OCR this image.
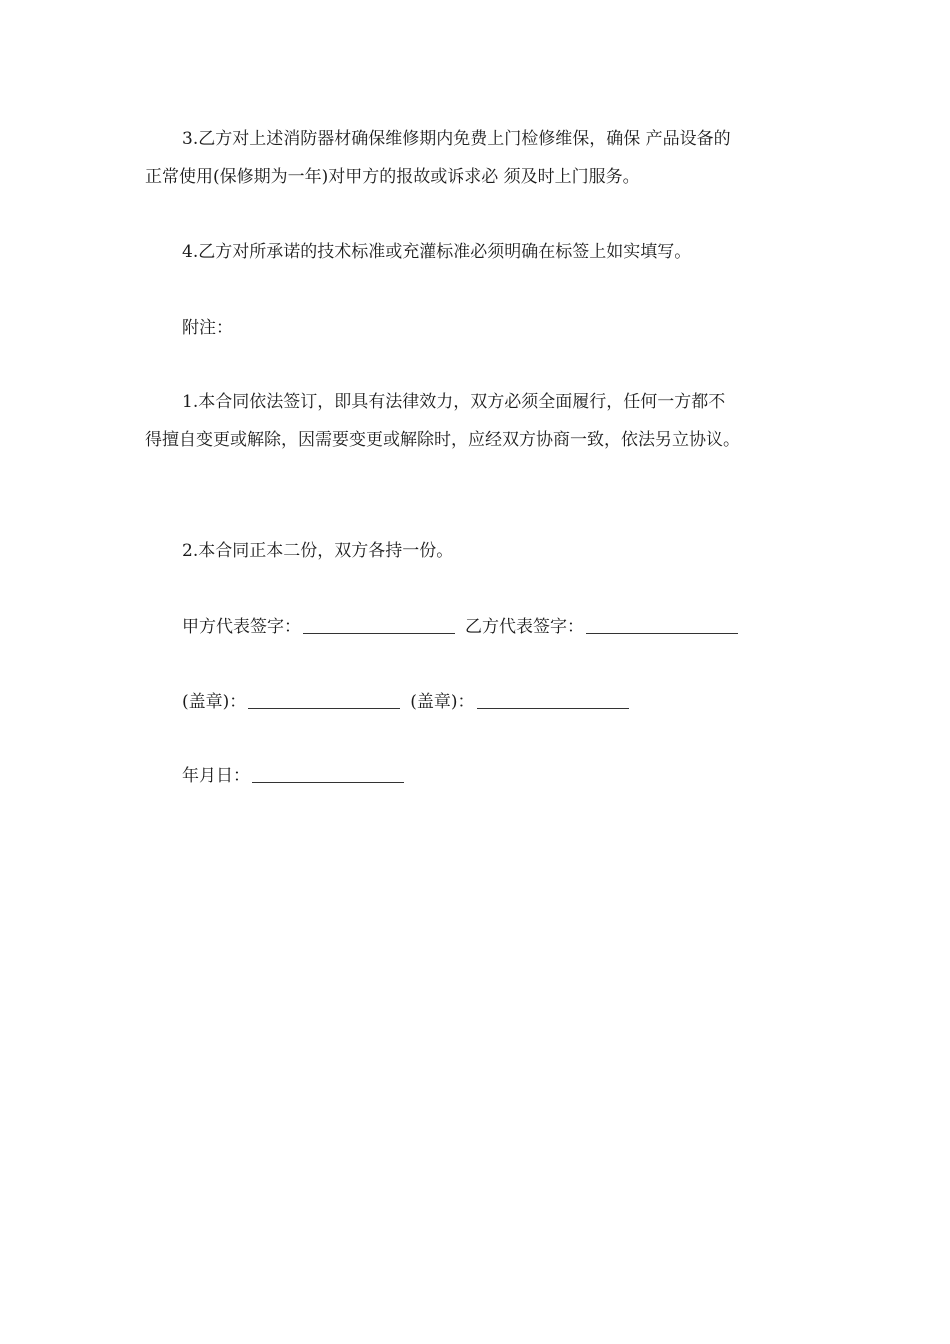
3.乙方对上述消防器材确保维修期内免费上门检修维保，确保 产品设备的
正常使用(保修期为一年)对甲方的报故或诉求必 须及时上门服务。
4.乙方对所承诺的技术标准或充灌标准必须明确在标签上如实填写。
附注：
1.本合同依法签订，即具有法律效力，双方必须全面履行，任何一方都不
得擅自变更或解除，因需要变更或解除时，应经双方协商一致，依法另立协议。
2.本合同正本二份，双方各持一份。
甲方代表签字：	乙方代表签字：
(盖章)：	(盖章)：
年月日：
